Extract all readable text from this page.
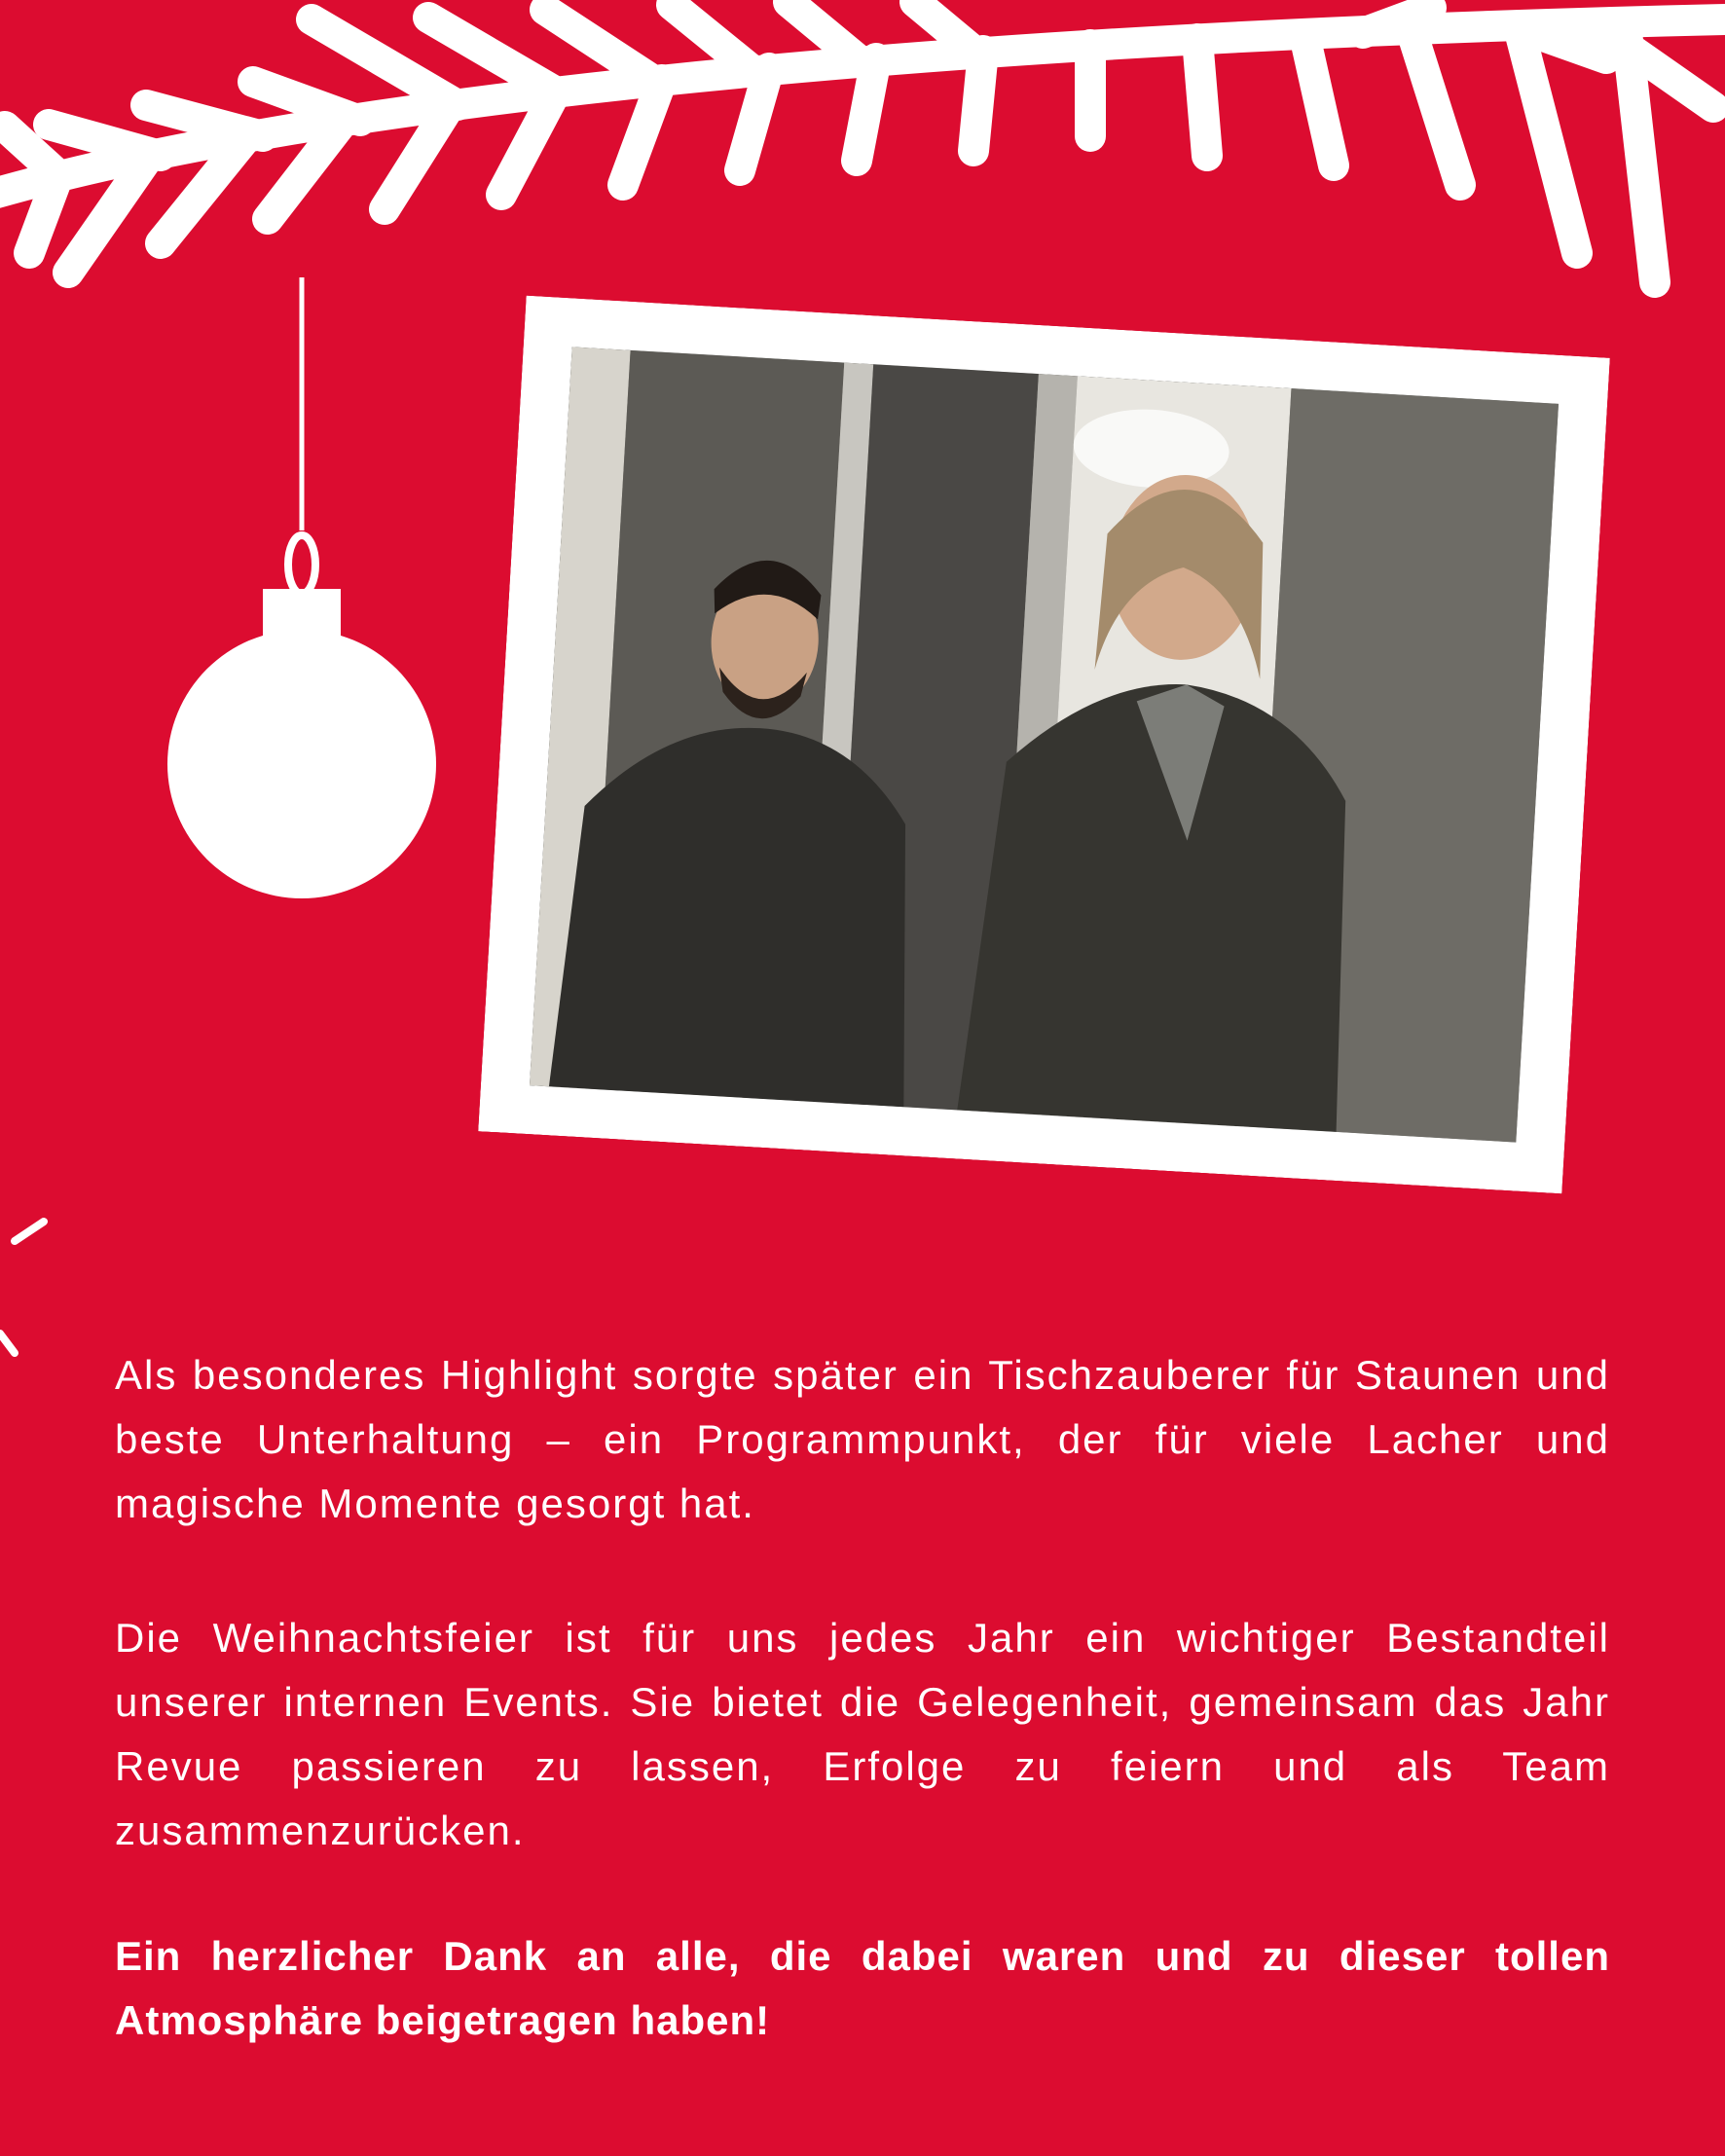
Als besonderes Highlight sorgte später ein Tischzauberer für Staunen und beste Unterhaltung – ein Programmpunkt, der für viele Lacher und magische Momente gesorgt hat.

Die Weihnachtsfeier ist für uns jedes Jahr ein wichtiger Bestandteil unserer internen Events. Sie bietet die Gelegenheit, gemeinsam das Jahr Revue passieren zu lassen, Erfolge zu feiern und als Team zusammenzurücken.

Ein herzlicher Dank an alle, die dabei waren und zu dieser tollen Atmosphäre beigetragen haben!
